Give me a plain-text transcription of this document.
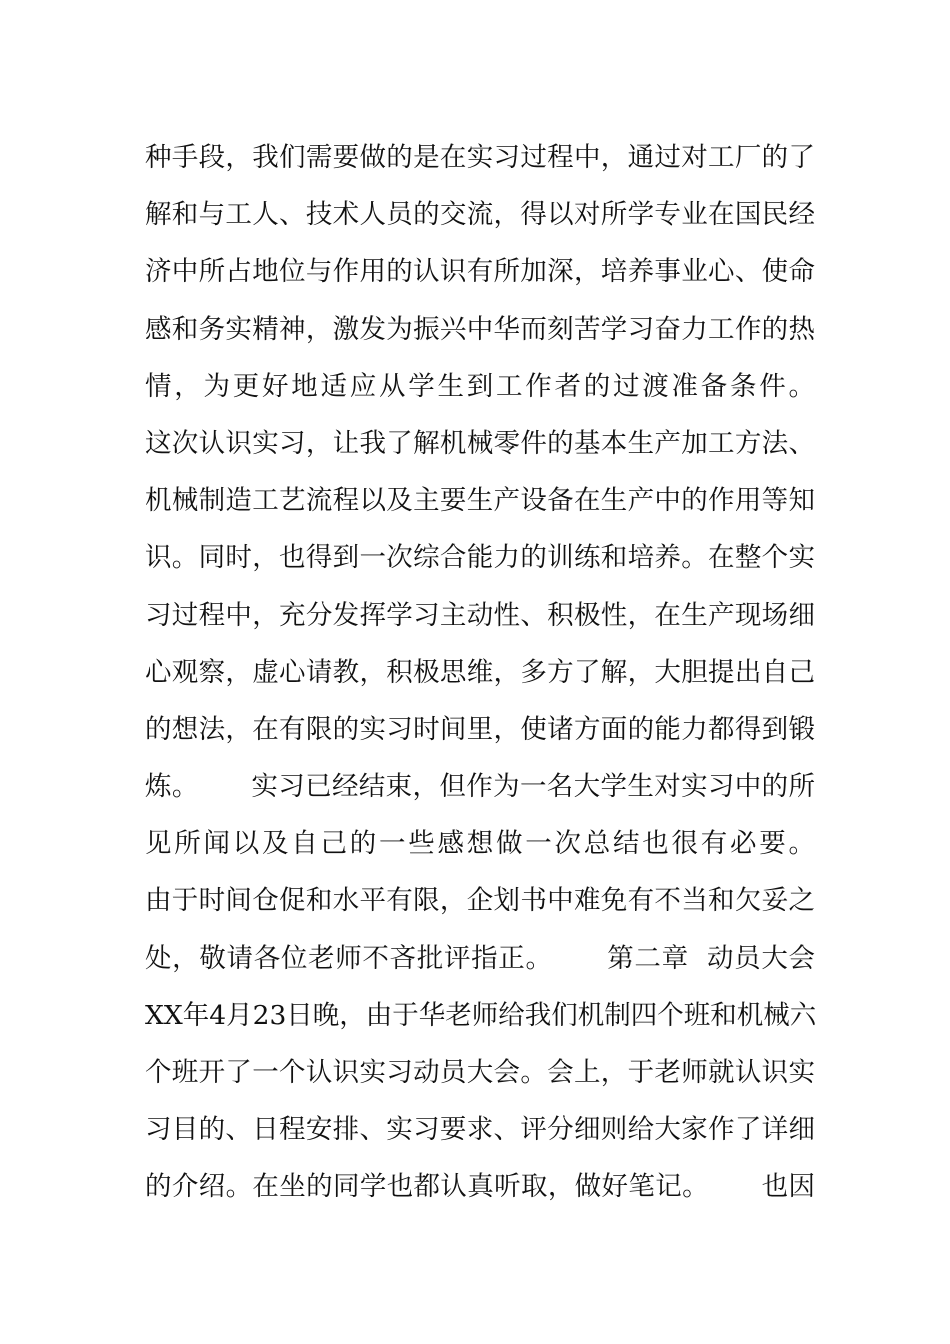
种手段，我们需要做的是在实习过程中，通过对工厂的了
解和与工人、技术人员的交流，得以对所学专业在国民经
济中所占地位与作用的认识有所加深，培养事业心、使命
感和务实精神，激发为振兴中华而刻苦学习奋力工作的热
情，为更好地适应从学生到工作者的过渡准备条件。
这次认识实习，让我了解机械零件的基本生产加工方法、
机械制造工艺流程以及主要生产设备在生产中的作用等知
识。同时，也得到一次综合能力的训练和培养。在整个实
习过程中，充分发挥学习主动性、积极性，在生产现场细
心观察，虚心请教，积极思维，多方了解，大胆提出自己
的想法，在有限的实习时间里，使诸方面的能力都得到锻
炼。      实习已经结束，但作为一名大学生对实习中的所
见所闻以及自己的一些感想做一次总结也很有必要。
由于时间仓促和水平有限，企划书中难免有不当和欠妥之
处，敬请各位老师不吝批评指正。      第二章  动员大会
XX年4月23日晚，由于华老师给我们机制四个班和机械六
个班开了一个认识实习动员大会。会上，于老师就认识实
习目的、日程安排、实习要求、评分细则给大家作了详细
的介绍。在坐的同学也都认真听取，做好笔记。      也因
